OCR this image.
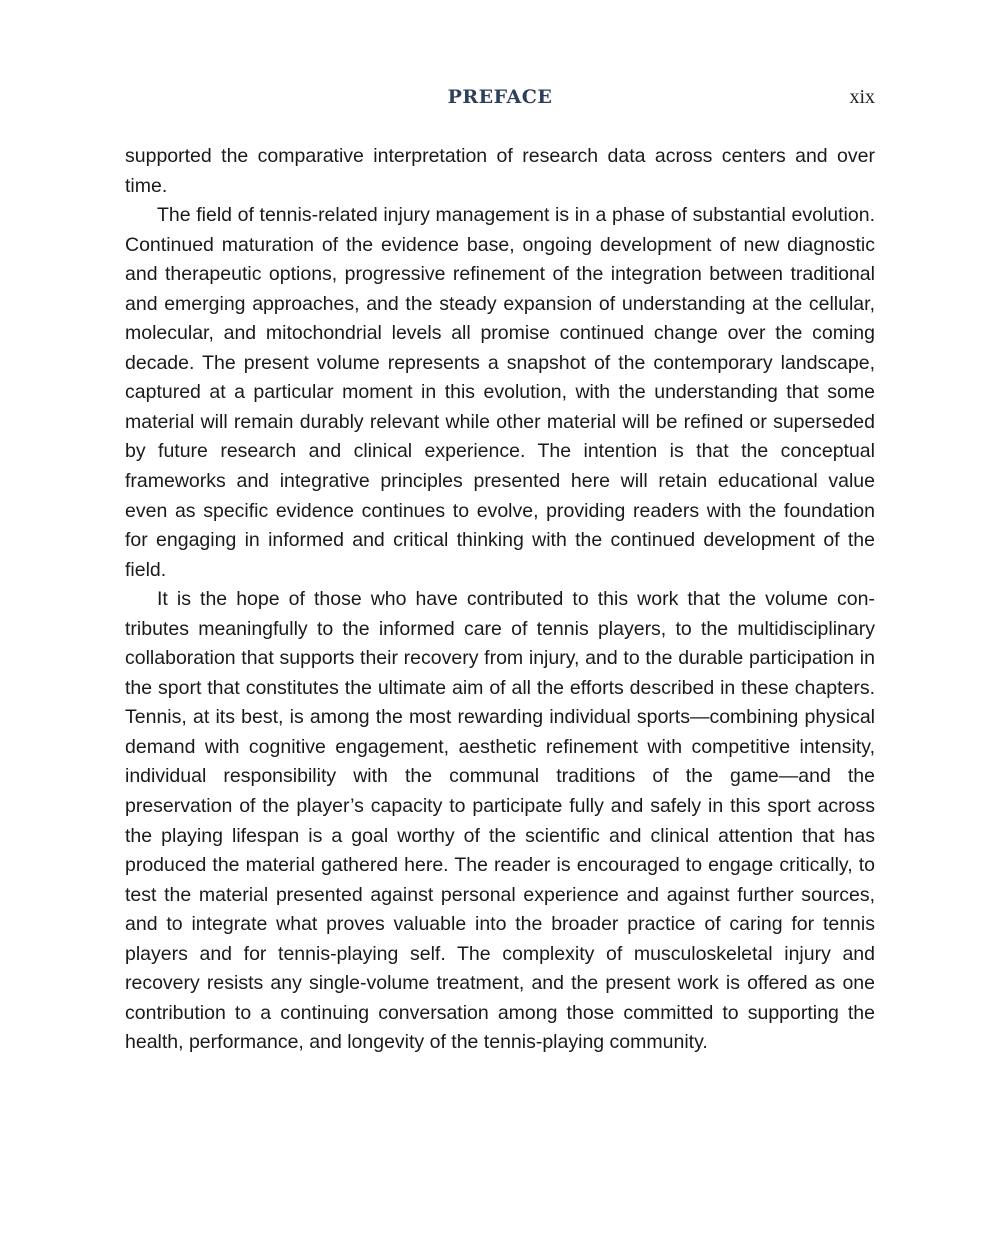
PREFACE	xix

supported the comparative interpretation of research data across centers and over time.

The field of tennis-related injury management is in a phase of substantial evolution. Continued maturation of the evidence base, ongoing development of new diagnostic and therapeutic options, progressive refinement of the integration between traditional and emerging approaches, and the steady expansion of understanding at the cellular, molecular, and mitochondrial levels all promise continued change over the coming decade. The present volume represents a snapshot of the contemporary landscape, captured at a particular moment in this evolution, with the understanding that some material will remain durably relevant while other material will be refined or superseded by future research and clinical experience. The intention is that the conceptual frameworks and integrative principles presented here will retain educational value even as specific evidence continues to evolve, providing readers with the foundation for engaging in informed and critical thinking with the continued development of the field.

It is the hope of those who have contributed to this work that the volume contributes meaningfully to the informed care of tennis players, to the multidisciplinary collaboration that supports their recovery from injury, and to the durable participation in the sport that constitutes the ultimate aim of all the efforts described in these chapters. Tennis, at its best, is among the most rewarding individual sports—combining physical demand with cognitive engagement, aesthetic refinement with competitive intensity, individual responsibility with the communal traditions of the game—and the preservation of the player’s capacity to participate fully and safely in this sport across the playing lifespan is a goal worthy of the scientific and clinical attention that has produced the material gathered here. The reader is encouraged to engage critically, to test the material presented against personal experience and against further sources, and to integrate what proves valuable into the broader practice of caring for tennis players and for tennis-playing self. The complexity of musculoskeletal injury and recovery resists any single-volume treatment, and the present work is offered as one contribution to a continuing conversation among those committed to supporting the health, performance, and longevity of the tennis-playing community.
